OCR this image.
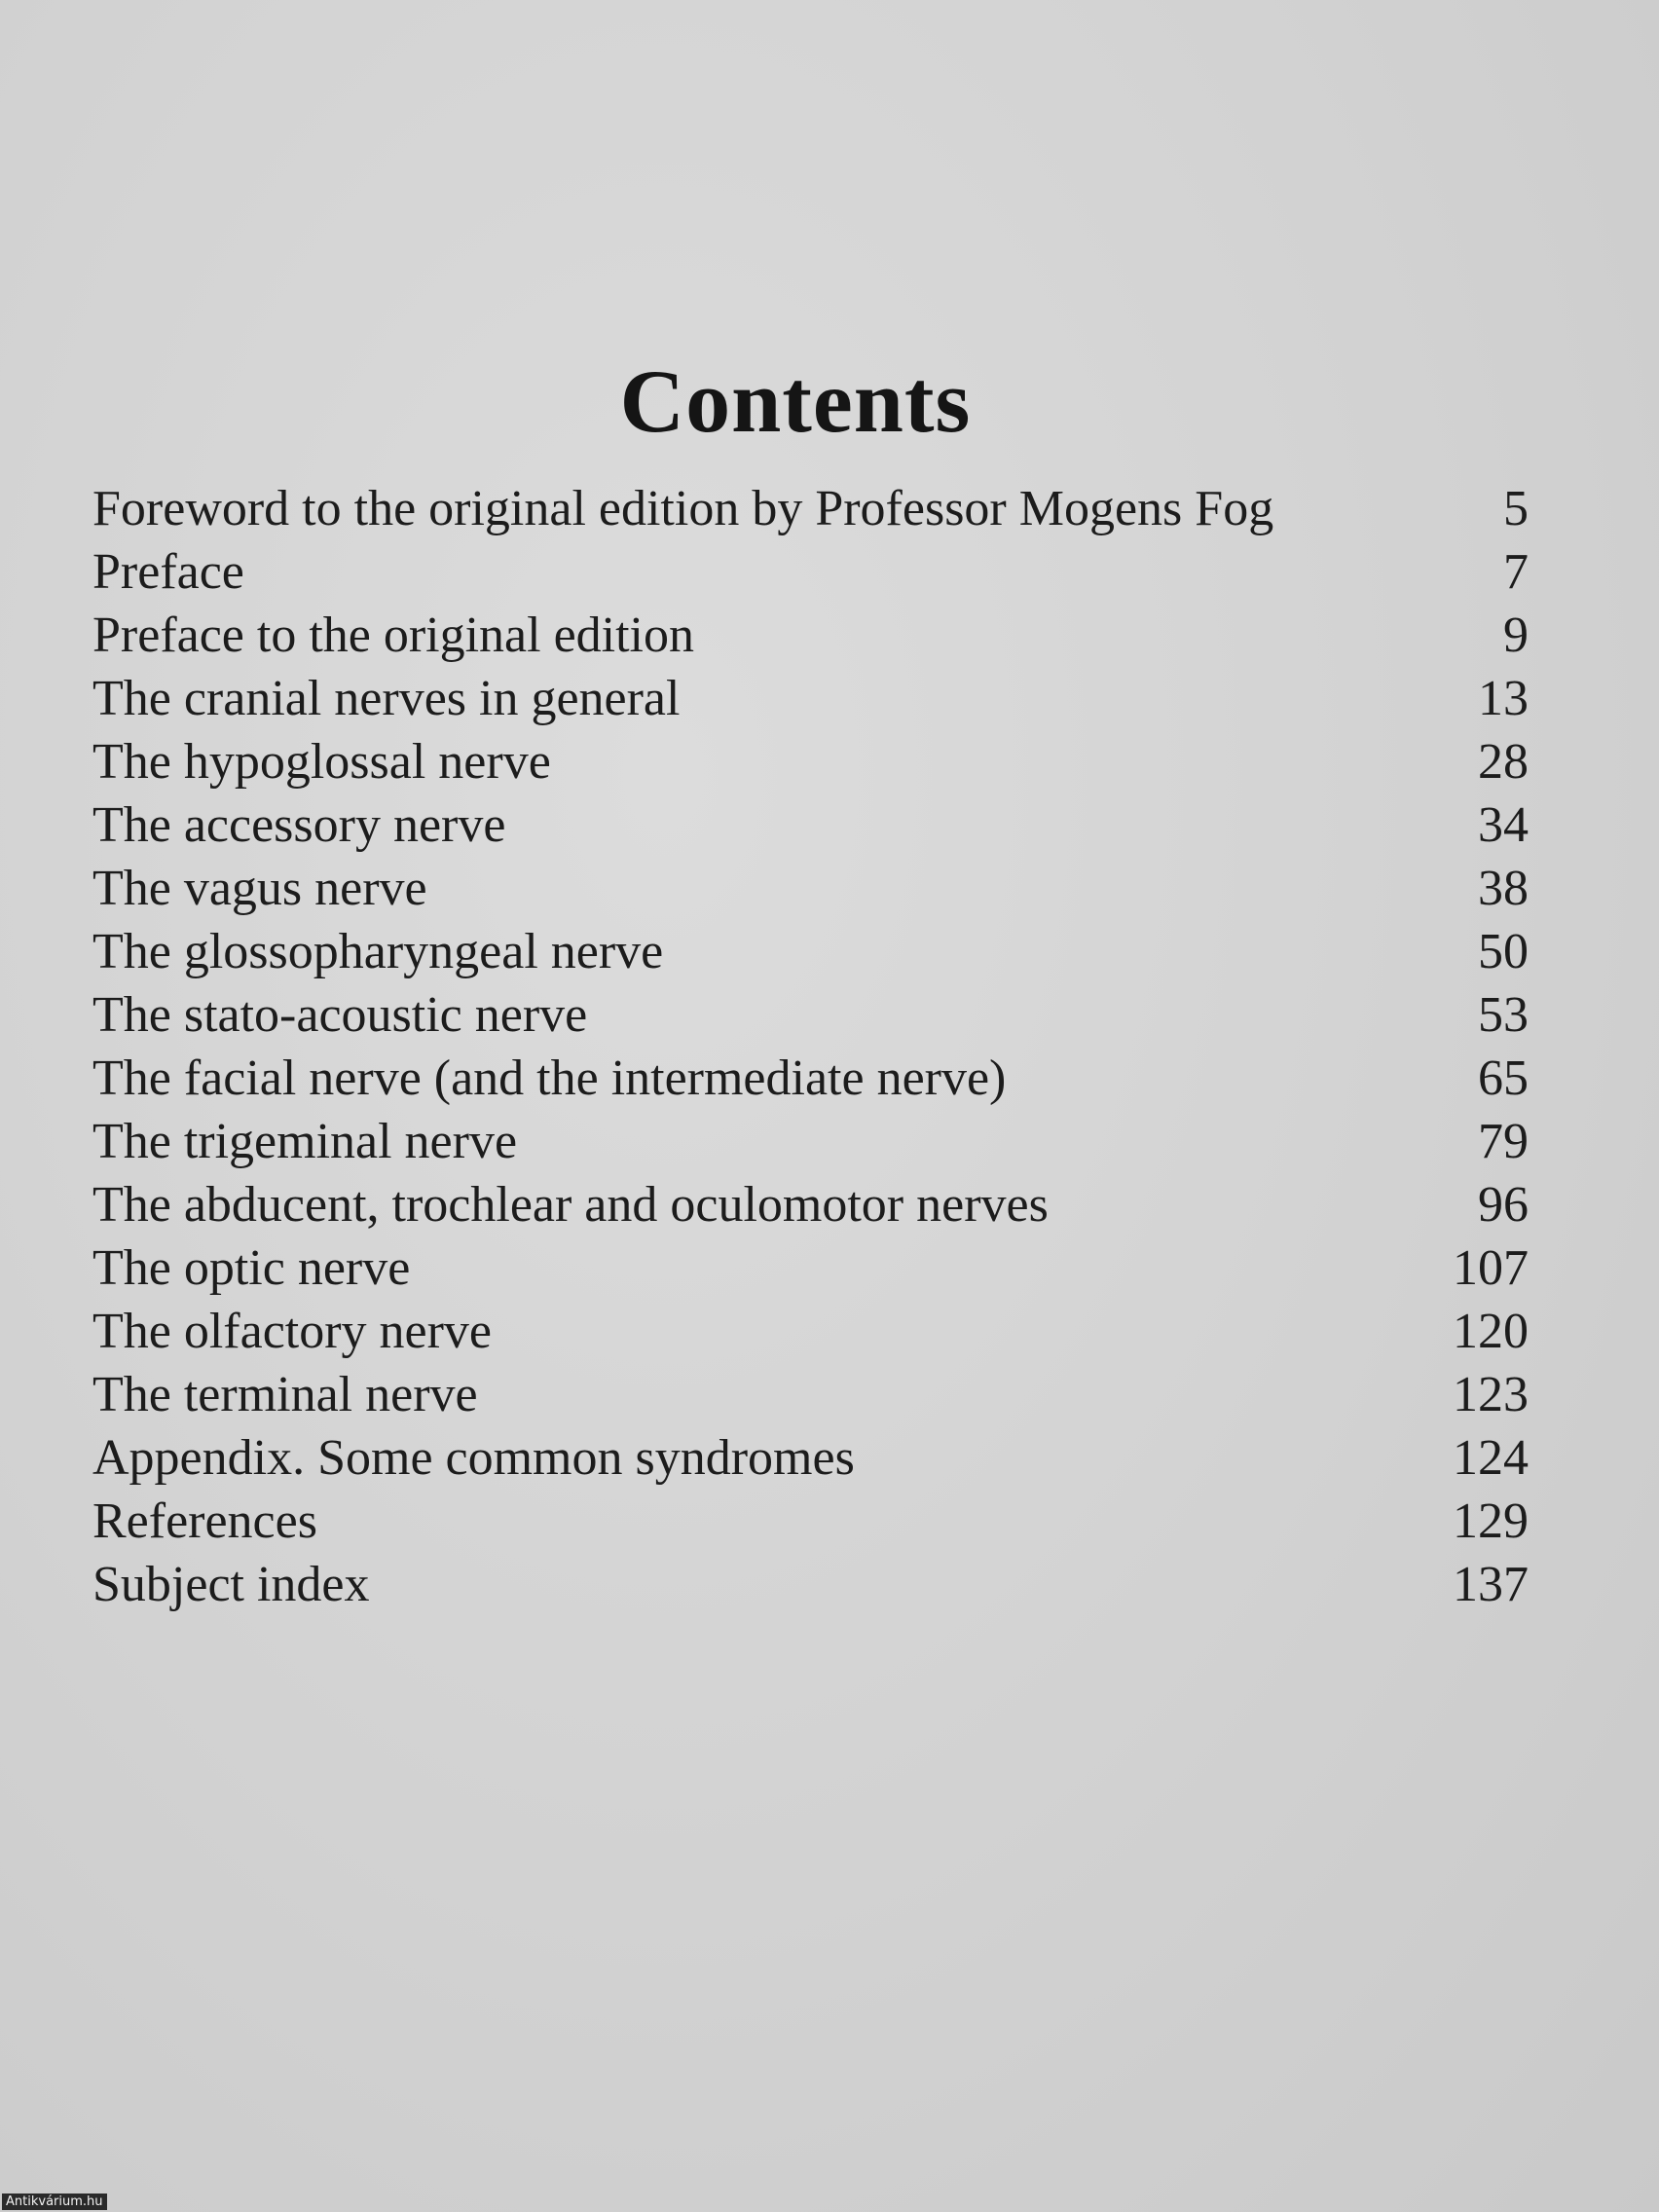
Contents
Foreword to the original edition by Professor Mogens Fog	5
Preface	7
Preface to the original edition	9
The cranial nerves in general	13
The hypoglossal nerve	28
The accessory nerve	34
The vagus nerve	38
The glossopharyngeal nerve	50
The stato-acoustic nerve	53
The facial nerve (and the intermediate nerve)	65
The trigeminal nerve	79
The abducent, trochlear and oculomotor nerves	96
The optic nerve	107
The olfactory nerve	120
The terminal nerve	123
Appendix. Some common syndromes	124
References	129
Subject index	137
Antikvárium.hu
